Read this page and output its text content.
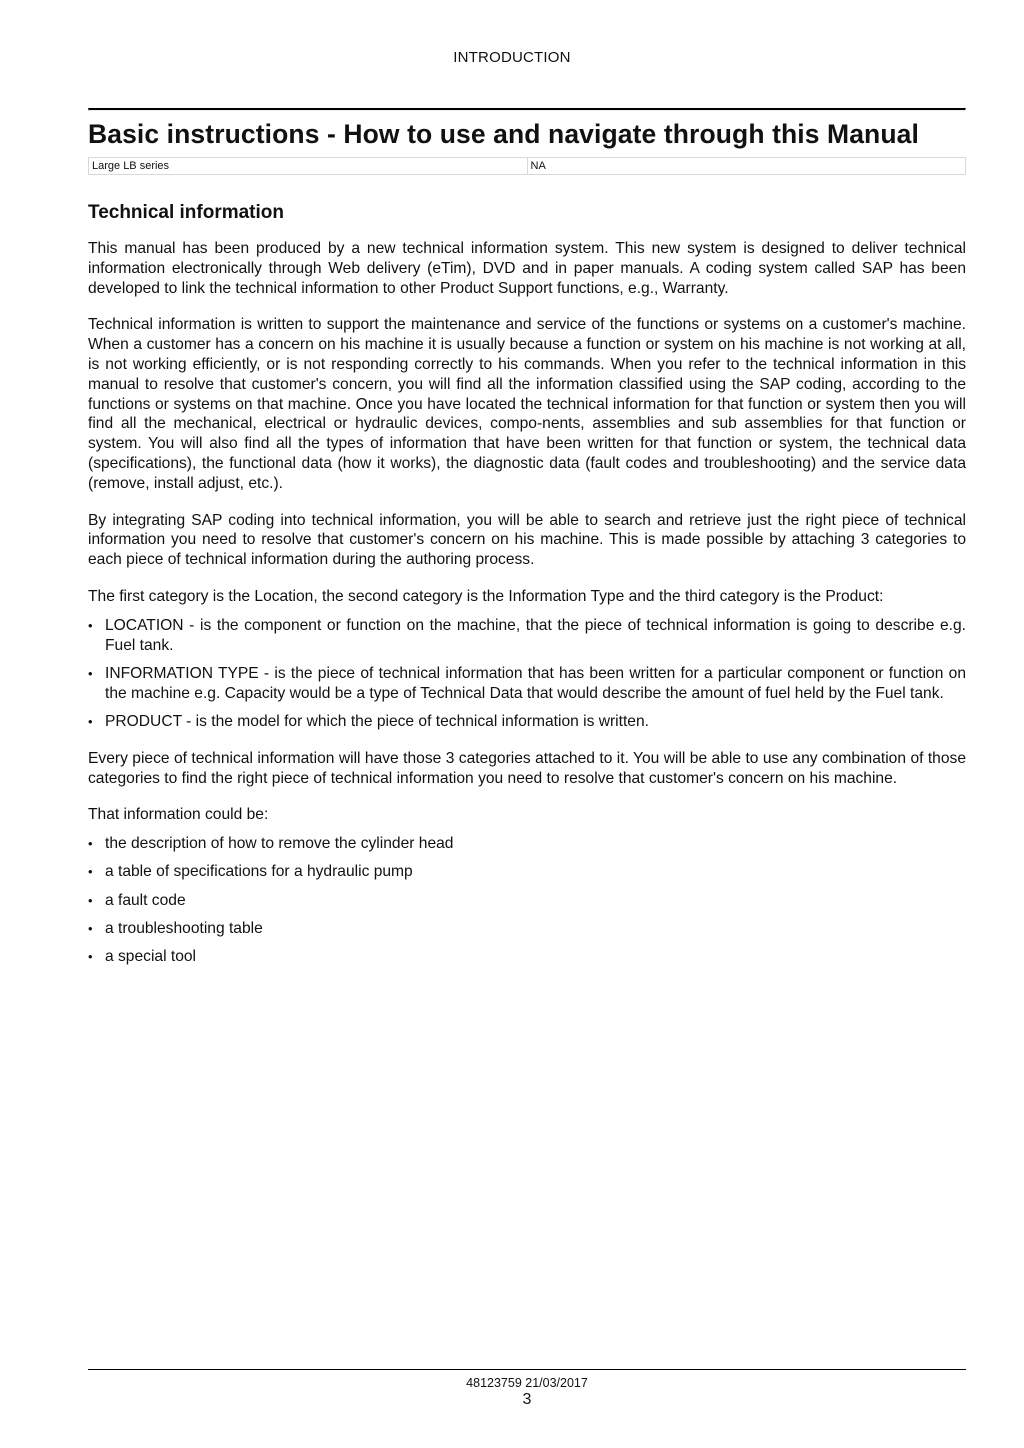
INTRODUCTION
Basic instructions - How to use and navigate through this Manual
Large LB series	NA
Technical information

This manual has been produced by a new technical information system. This new system is designed to deliver technical information electronically through Web delivery (eTim), DVD and in paper manuals. A coding system called SAP has been developed to link the technical information to other Product Support functions, e.g., Warranty.

Technical information is written to support the maintenance and service of the functions or systems on a customer's machine. When a customer has a concern on his machine it is usually because a function or system on his machine is not working at all, is not working efficiently, or is not responding correctly to his commands. When you refer to the technical information in this manual to resolve that customer's concern, you will find all the information classified using the SAP coding, according to the functions or systems on that machine. Once you have located the technical information for that function or system then you will find all the mechanical, electrical or hydraulic devices, compo-nents, assemblies and sub assemblies for that function or system. You will also find all the types of information that have been written for that function or system, the technical data (specifications), the functional data (how it works), the diagnostic data (fault codes and troubleshooting) and the service data (remove, install adjust, etc.).

By integrating SAP coding into technical information, you will be able to search and retrieve just the right piece of technical information you need to resolve that customer's concern on his machine. This is made possible by attaching 3 categories to each piece of technical information during the authoring process.

The first category is the Location, the second category is the Information Type and the third category is the Product:

• LOCATION - is the component or function on the machine, that the piece of technical information is going to describe e.g. Fuel tank.
• INFORMATION TYPE - is the piece of technical information that has been written for a particular component or function on the machine e.g. Capacity would be a type of Technical Data that would describe the amount of fuel held by the Fuel tank.
• PRODUCT - is the model for which the piece of technical information is written.

Every piece of technical information will have those 3 categories attached to it. You will be able to use any combination of those categories to find the right piece of technical information you need to resolve that customer's concern on his machine.

That information could be:

• the description of how to remove the cylinder head
• a table of specifications for a hydraulic pump
• a fault code
• a troubleshooting table
• a special tool
48123759 21/03/2017
3
